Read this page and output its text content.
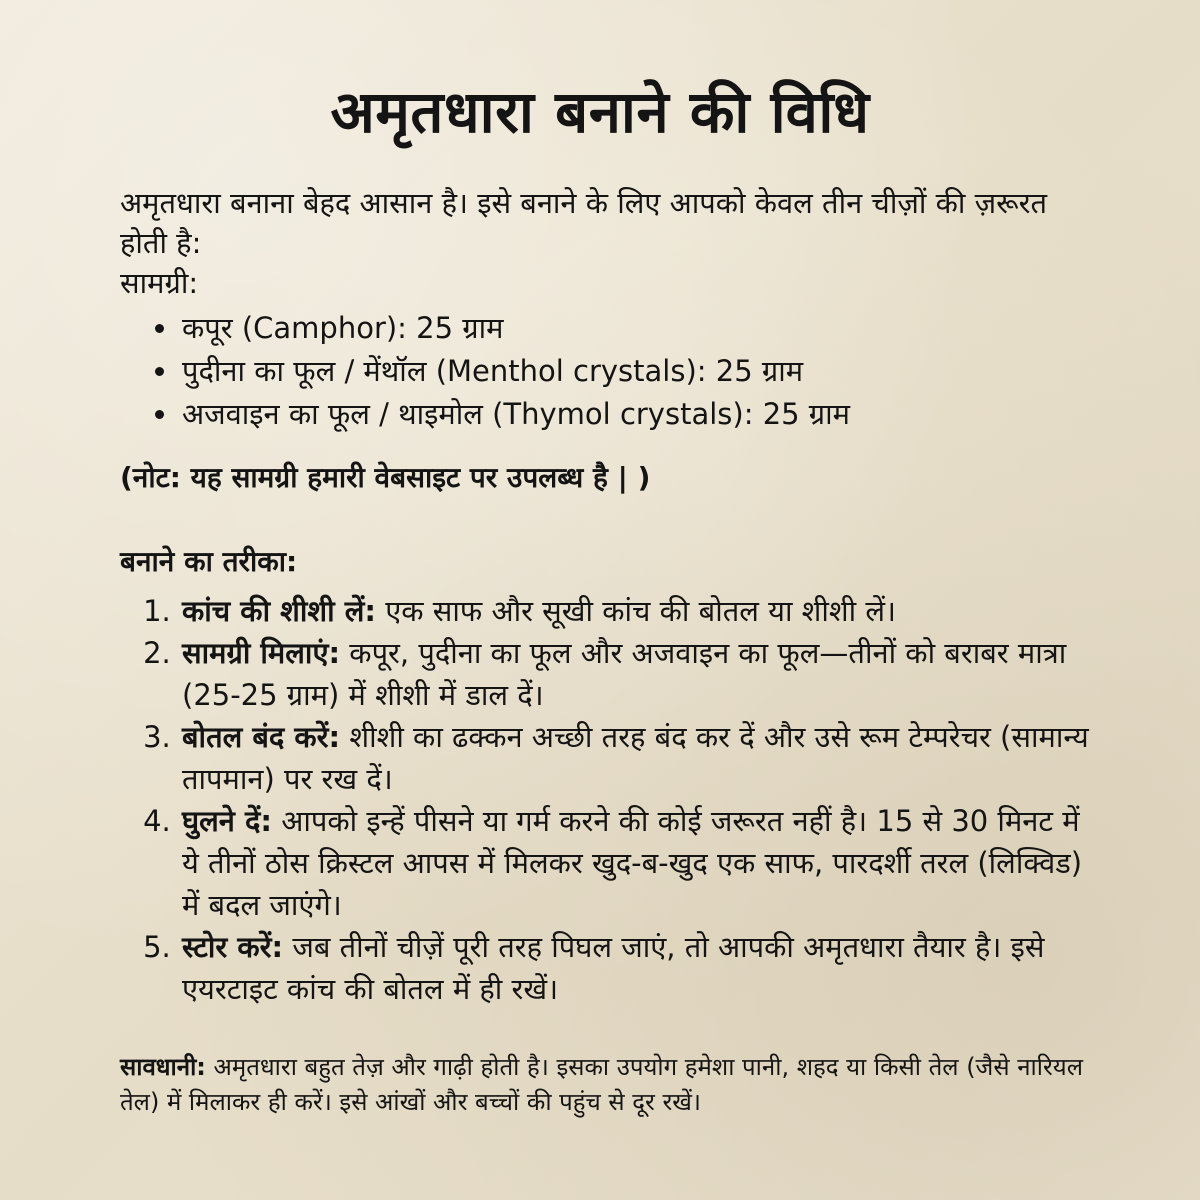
अमृतधारा बनाने की विधि

अमृतधारा बनाना बेहद आसान है। इसे बनाने के लिए आपको केवल तीन चीज़ों की ज़रूरत होती है:

सामग्री:

• कपूर (Camphor): 25 ग्राम
• पुदीना का फूल / मेंथॉल (Menthol crystals): 25 ग्राम
• अजवाइन का फूल / थाइमोल (Thymol crystals): 25 ग्राम

(नोट: यह सामग्री हमारी वेबसाइट पर उपलब्ध है | )

बनाने का तरीका:

1. कांच की शीशी लें: एक साफ और सूखी कांच की बोतल या शीशी लें।
2. सामग्री मिलाएं: कपूर, पुदीना का फूल और अजवाइन का फूल—तीनों को बराबर मात्रा (25-25 ग्राम) में शीशी में डाल दें।
3. बोतल बंद करें: शीशी का ढक्कन अच्छी तरह बंद कर दें और उसे रूम टेम्परेचर (सामान्य तापमान) पर रख दें।
4. घुलने दें: आपको इन्हें पीसने या गर्म करने की कोई जरूरत नहीं है। 15 से 30 मिनट में ये तीनों ठोस क्रिस्टल आपस में मिलकर खुद-ब-खुद एक साफ, पारदर्शी तरल (लिक्विड) में बदल जाएंगे।
5. स्टोर करें: जब तीनों चीज़ें पूरी तरह पिघल जाएं, तो आपकी अमृतधारा तैयार है। इसे एयरटाइट कांच की बोतल में ही रखें।

सावधानी: अमृतधारा बहुत तेज़ और गाढ़ी होती है। इसका उपयोग हमेशा पानी, शहद या किसी तेल (जैसे नारियल तेल) में मिलाकर ही करें। इसे आंखों और बच्चों की पहुंच से दूर रखें।
